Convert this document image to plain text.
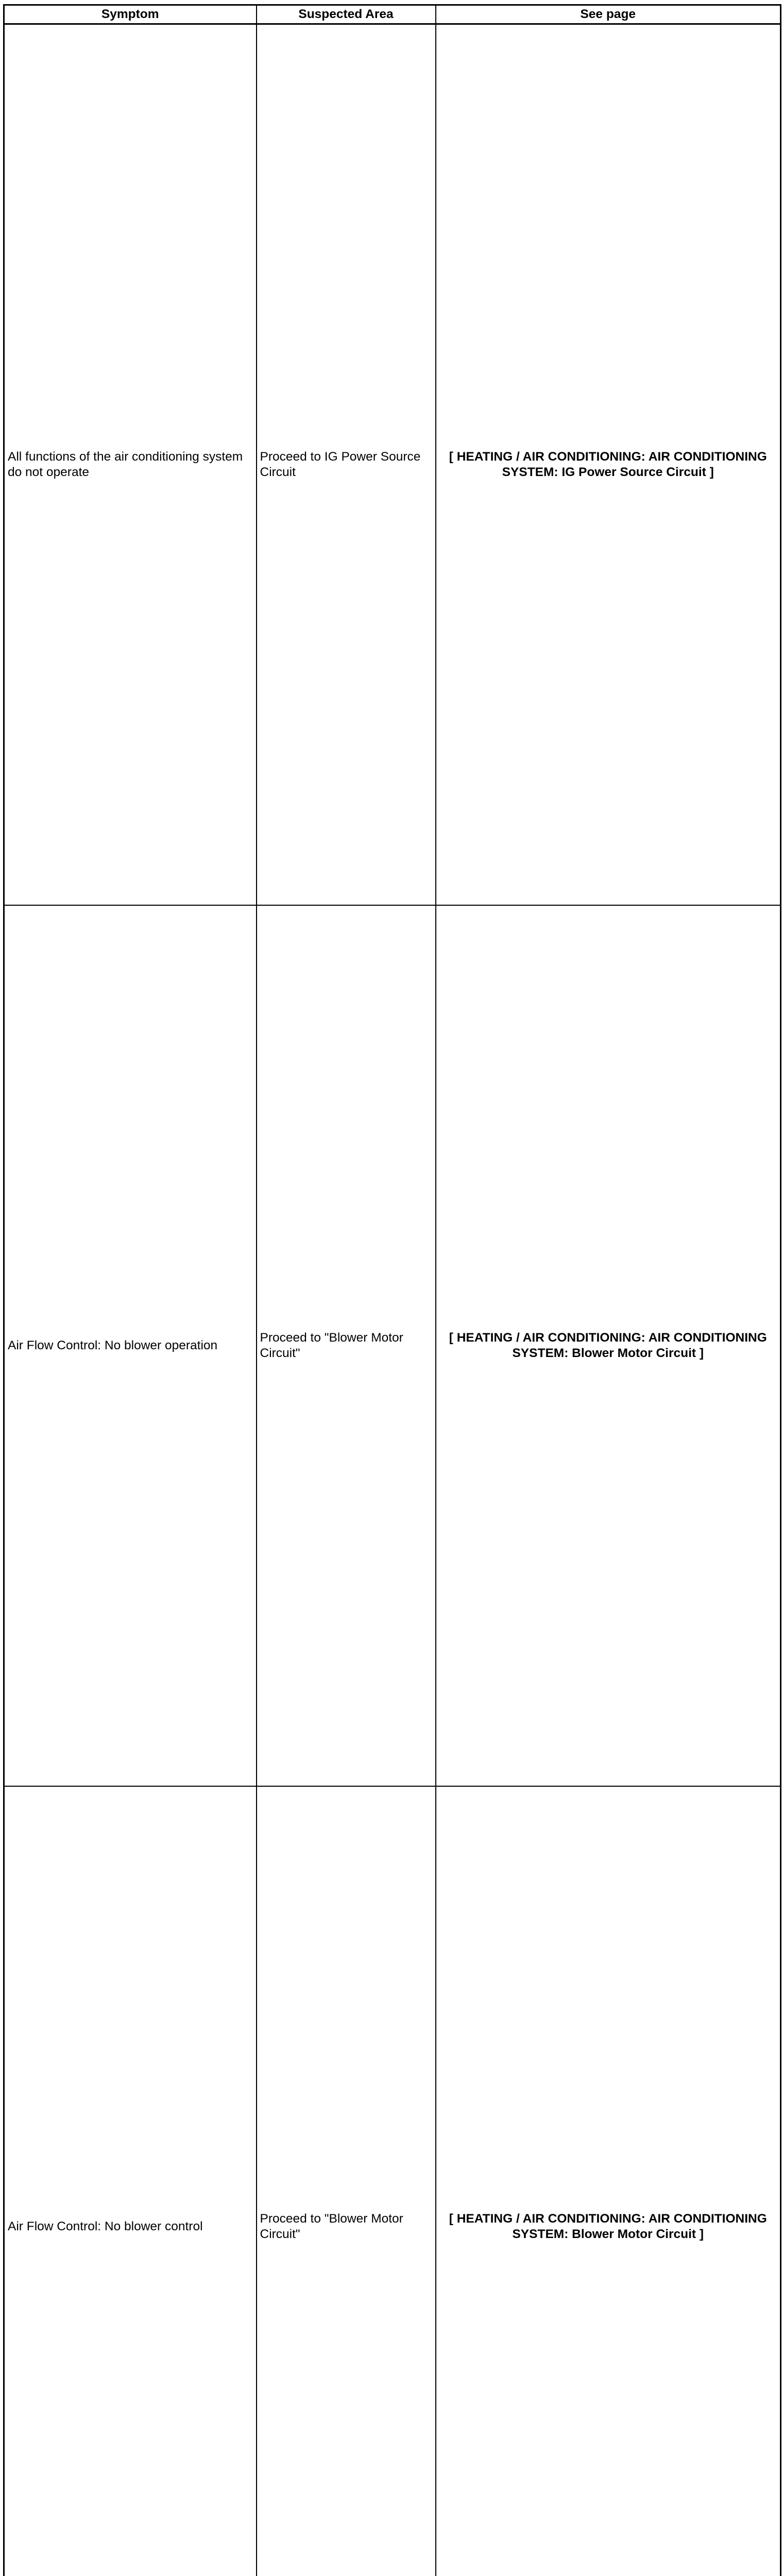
Symptom	Suspected Area	See page
All functions of the air conditioning system do not operate	Proceed to IG Power Source Circuit	[ HEATING / AIR CONDITIONING: AIR CONDITIONING SYSTEM: IG Power Source Circuit ]
Air Flow Control: No blower operation	Proceed to "Blower Motor Circuit"	[ HEATING / AIR CONDITIONING: AIR CONDITIONING SYSTEM: Blower Motor Circuit ]
Air Flow Control: No blower control	Proceed to "Blower Motor Circuit"	[ HEATING / AIR CONDITIONING: AIR CONDITIONING SYSTEM: Blower Motor Circuit ]
